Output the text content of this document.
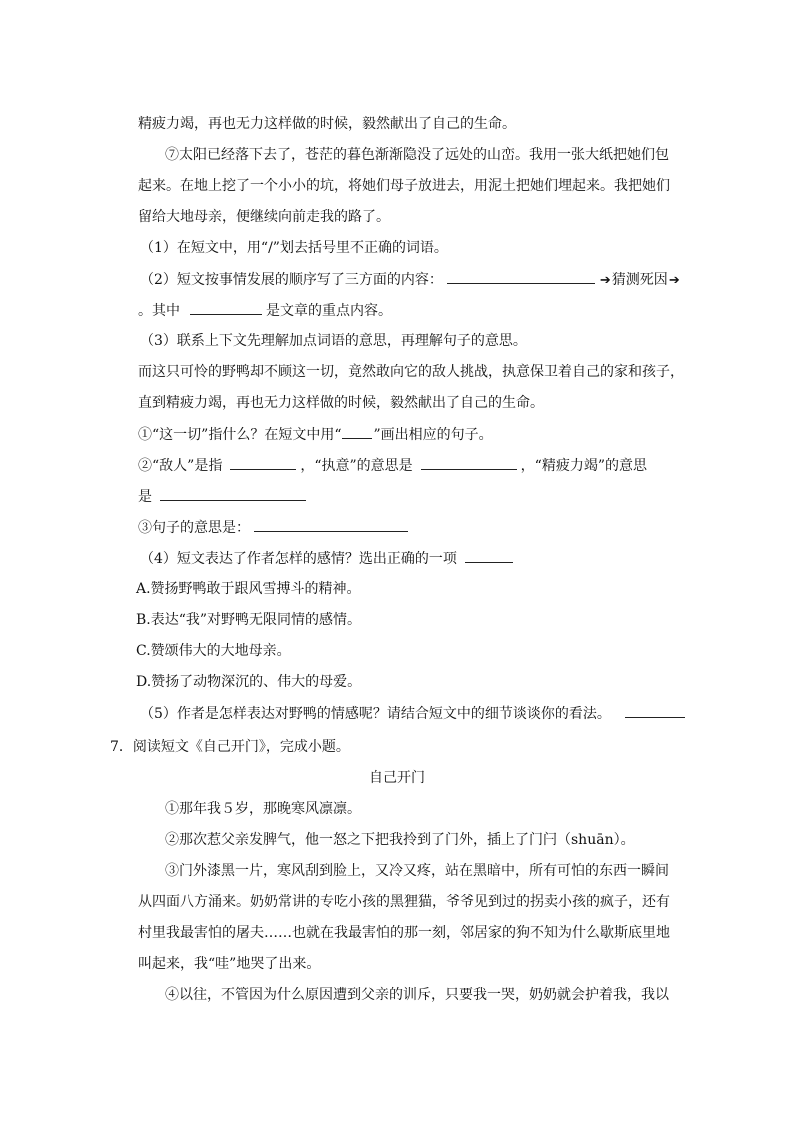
精疲力竭，再也无力这样做的时候，毅然献出了自己的生命。
⑦太阳已经落下去了，苍茫的暮色渐渐隐没了远处的山峦。我用一张大纸把她们包
起来。在地上挖了一个小小的坑，将她们母子放进去，用泥土把她们埋起来。我把她们
留给大地母亲，便继续向前走我的路了。
（1）在短文中，用“/”划去括号里不正确的词语。
（2）短文按事情发展的顺序写了三方面的内容：	➔猜测死因➔
。其中	是文章的重点内容。
（3）联系上下文先理解加点词语的意思，再理解句子的意思。
而这只可怜的野鸭却不顾这一切，竟然敢向它的敌人挑战，执意保卫着自己的家和孩子，
直到精疲力竭，再也无力这样做的时候，毅然献出了自己的生命。
①“这一切”指什么？在短文中用“ ”画出相应的句子。
②“敌人”是指	，“执意”的意思是	，“精疲力竭”的意思
是
③句子的意思是：
（4）短文表达了作者怎样的感情？选出正确的一项
A.赞扬野鸭敢于跟风雪搏斗的精神。
B.表达“我”对野鸭无限同情的感情。
C.赞颂伟大的大地母亲。
D.赞扬了动物深沉的、伟大的母爱。
（5）作者是怎样表达对野鸭的情感呢？请结合短文中的细节谈谈你的看法。
7．阅读短文《自己开门》，完成小题。
自己开门
①那年我５岁，那晚寒风凛凛。
②那次惹父亲发脾气，他一怒之下把我拎到了门外，插上了门闩（shuān）。
③门外漆黑一片，寒风刮到脸上，又冷又疼，站在黑暗中，所有可怕的东西一瞬间
从四面八方涌来。奶奶常讲的专吃小孩的黑狸猫，爷爷见到过的拐卖小孩的疯子，还有
村里我最害怕的屠夫……也就在我最害怕的那一刻，邻居家的狗不知为什么歇斯底里地
叫起来，我“哇”地哭了出来。
④以往，不管因为什么原因遭到父亲的训斥，只要我一哭，奶奶就会护着我，我以
